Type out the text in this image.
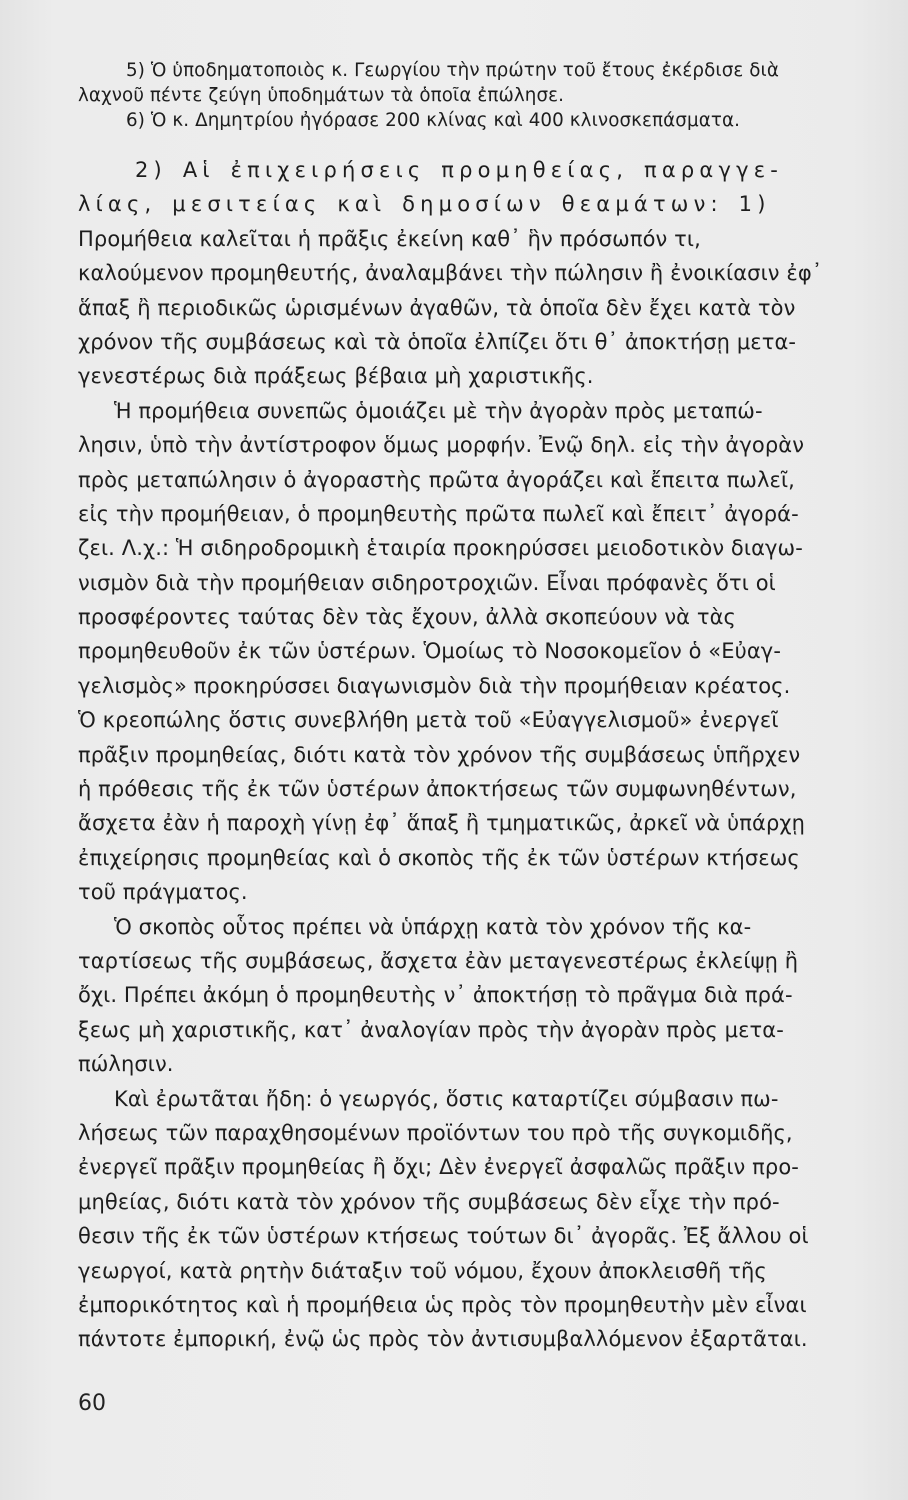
5) Ὁ ὑποδηματοποιὸς κ. Γεωργίου τὴν πρώτην τοῦ ἔτους ἐκέρδισε διὰ
λαχνοῦ πέντε ζεύγη ὑποδημάτων τὰ ὁποῖα ἐπώλησε.
6) Ὁ κ. Δημητρίου ἠγόρασε 200 κλίνας καὶ 400 κλινοσκεπάσματα.
2) Αἱ ἐπιχειρήσεις προμηθείας, παραγγε-
λίας, μεσιτείας καὶ δημοσίων θεαμάτων: 1)
Προμήθεια καλεῖται ἡ πρᾶξις ἐκείνη καθ᾽ ἣν πρόσωπόν τι,
καλούμενον προμηθευτής, ἀναλαμβάνει τὴν πώλησιν ἢ ἐνοικίασιν ἐφ᾽
ἅπαξ ἢ περιοδικῶς ὡρισμένων ἀγαθῶν, τὰ ὁποῖα δὲν ἔχει κατὰ τὸν
χρόνον τῆς συμβάσεως καὶ τὰ ὁποῖα ἐλπίζει ὅτι θ᾽ ἀποκτήσῃ μετα-
γενεστέρως διὰ πράξεως βέβαια μὴ χαριστικῆς.
Ἡ προμήθεια συνεπῶς ὁμοιάζει μὲ τὴν ἀγορὰν πρὸς μεταπώ-
λησιν, ὑπὸ τὴν ἀντίστροφον ὅμως μορφήν. Ἐνῷ δηλ. εἰς τὴν ἀγορὰν
πρὸς μεταπώλησιν ὁ ἀγοραστὴς πρῶτα ἀγοράζει καὶ ἔπειτα πωλεῖ,
εἰς τὴν προμήθειαν, ὁ προμηθευτὴς πρῶτα πωλεῖ καὶ ἔπειτ᾽ ἀγορά-
ζει. Λ.χ.: Ἡ σιδηροδρομικὴ ἑταιρία προκηρύσσει μειοδοτικὸν διαγω-
νισμὸν διὰ τὴν προμήθειαν σιδηροτροχιῶν. Εἶναι πρόφανὲς ὅτι οἱ
προσφέροντες ταύτας δὲν τὰς ἔχουν, ἀλλὰ σκοπεύουν νὰ τὰς
προμηθευθοῦν ἐκ τῶν ὑστέρων. Ὁμοίως τὸ Νοσοκομεῖον ὁ «Εὐαγ-
γελισμὸς» προκηρύσσει διαγωνισμὸν διὰ τὴν προμήθειαν κρέατος.
Ὁ κρεοπώλης ὅστις συνεβλήθη μετὰ τοῦ «Εὐαγγελισμοῦ» ἐνεργεῖ
πρᾶξιν προμηθείας, διότι κατὰ τὸν χρόνον τῆς συμβάσεως ὑπῆρχεν
ἡ πρόθεσις τῆς ἐκ τῶν ὑστέρων ἀποκτήσεως τῶν συμφωνηθέντων,
ἄσχετα ἐὰν ἡ παροχὴ γίνῃ ἐφ᾽ ἅπαξ ἢ τμηματικῶς, ἀρκεῖ νὰ ὑπάρχῃ
ἐπιχείρησις προμηθείας καὶ ὁ σκοπὸς τῆς ἐκ τῶν ὑστέρων κτήσεως
τοῦ πράγματος.
Ὁ σκοπὸς οὗτος πρέπει νὰ ὑπάρχῃ κατὰ τὸν χρόνον τῆς κα-
ταρτίσεως τῆς συμβάσεως, ἄσχετα ἐὰν μεταγενεστέρως ἐκλείψῃ ἢ
ὄχι. Πρέπει ἀκόμη ὁ προμηθευτὴς ν᾽ ἀποκτήσῃ τὸ πρᾶγμα διὰ πρά-
ξεως μὴ χαριστικῆς, κατ᾽ ἀναλογίαν πρὸς τὴν ἀγορὰν πρὸς μετα-
πώλησιν.
Καὶ ἐρωτᾶται ἤδη: ὁ γεωργός, ὅστις καταρτίζει σύμβασιν πω-
λήσεως τῶν παραχθησομένων προϊόντων του πρὸ τῆς συγκομιδῆς,
ἐνεργεῖ πρᾶξιν προμηθείας ἢ ὄχι; Δὲν ἐνεργεῖ ἀσφαλῶς πρᾶξιν προ-
μηθείας, διότι κατὰ τὸν χρόνον τῆς συμβάσεως δὲν εἶχε τὴν πρό-
θεσιν τῆς ἐκ τῶν ὑστέρων κτήσεως τούτων δι᾽ ἀγορᾶς. Ἐξ ἄλλου οἱ
γεωργοί, κατὰ ρητὴν διάταξιν τοῦ νόμου, ἔχουν ἀποκλεισθῆ τῆς
ἐμπορικότητος καὶ ἡ προμήθεια ὡς πρὸς τὸν προμηθευτὴν μὲν εἶναι
πάντοτε ἐμπορική, ἐνῷ ὡς πρὸς τὸν ἀντισυμβαλλόμενον ἐξαρτᾶται.
60
